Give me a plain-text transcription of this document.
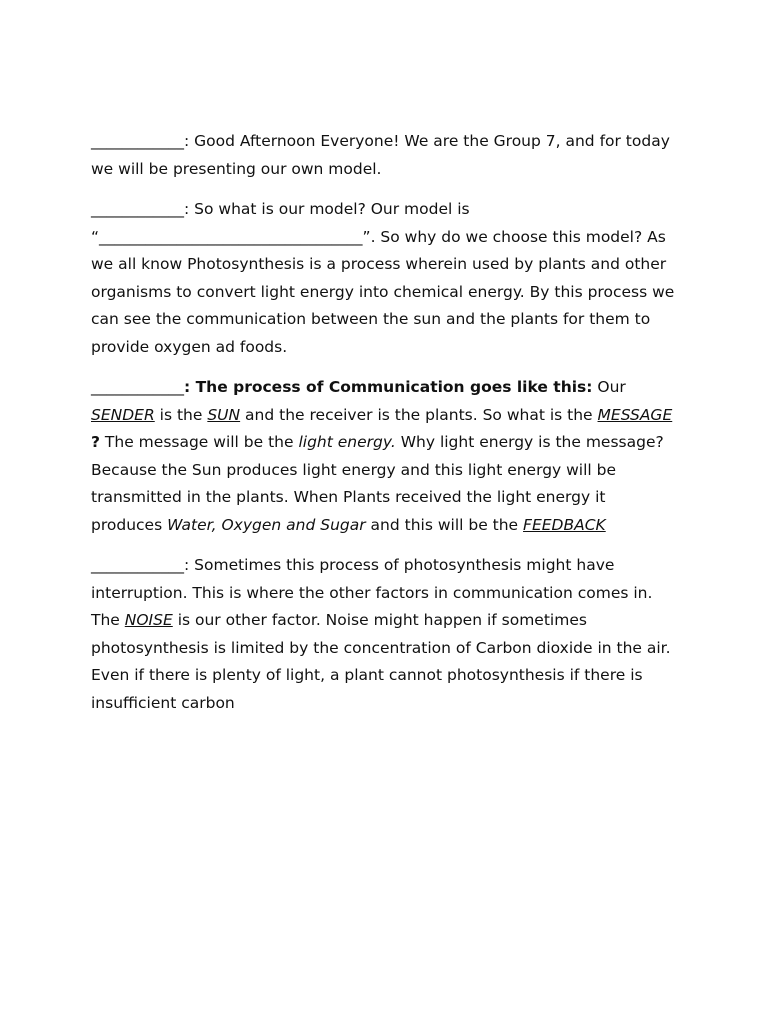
____________: Good Afternoon Everyone! We are the Group 7, and for today we will be presenting our own model.

____________: So what is our model? Our model is
“__________________________________”. So why do we choose this model? As we all know Photosynthesis is a process wherein used by plants and other organisms to convert light energy into chemical energy. By this process we can see the communication between the sun and the plants for them to provide oxygen ad foods.

____________: The process of Communication goes like this: Our SENDER is the SUN and the receiver is the plants. So what is the MESSAGE ? The message will be the light energy. Why light energy is the message? Because the Sun produces light energy and this light energy will be transmitted in the plants. When Plants received the light energy it produces Water, Oxygen and Sugar and this will be the FEEDBACK

____________: Sometimes this process of photosynthesis might have interruption. This is where the other factors in communication comes in. The NOISE is our other factor. Noise might happen if sometimes photosynthesis is limited by the concentration of Carbon dioxide in the air. Even if there is plenty of light, a plant cannot photosynthesis if there is insufficient carbon
